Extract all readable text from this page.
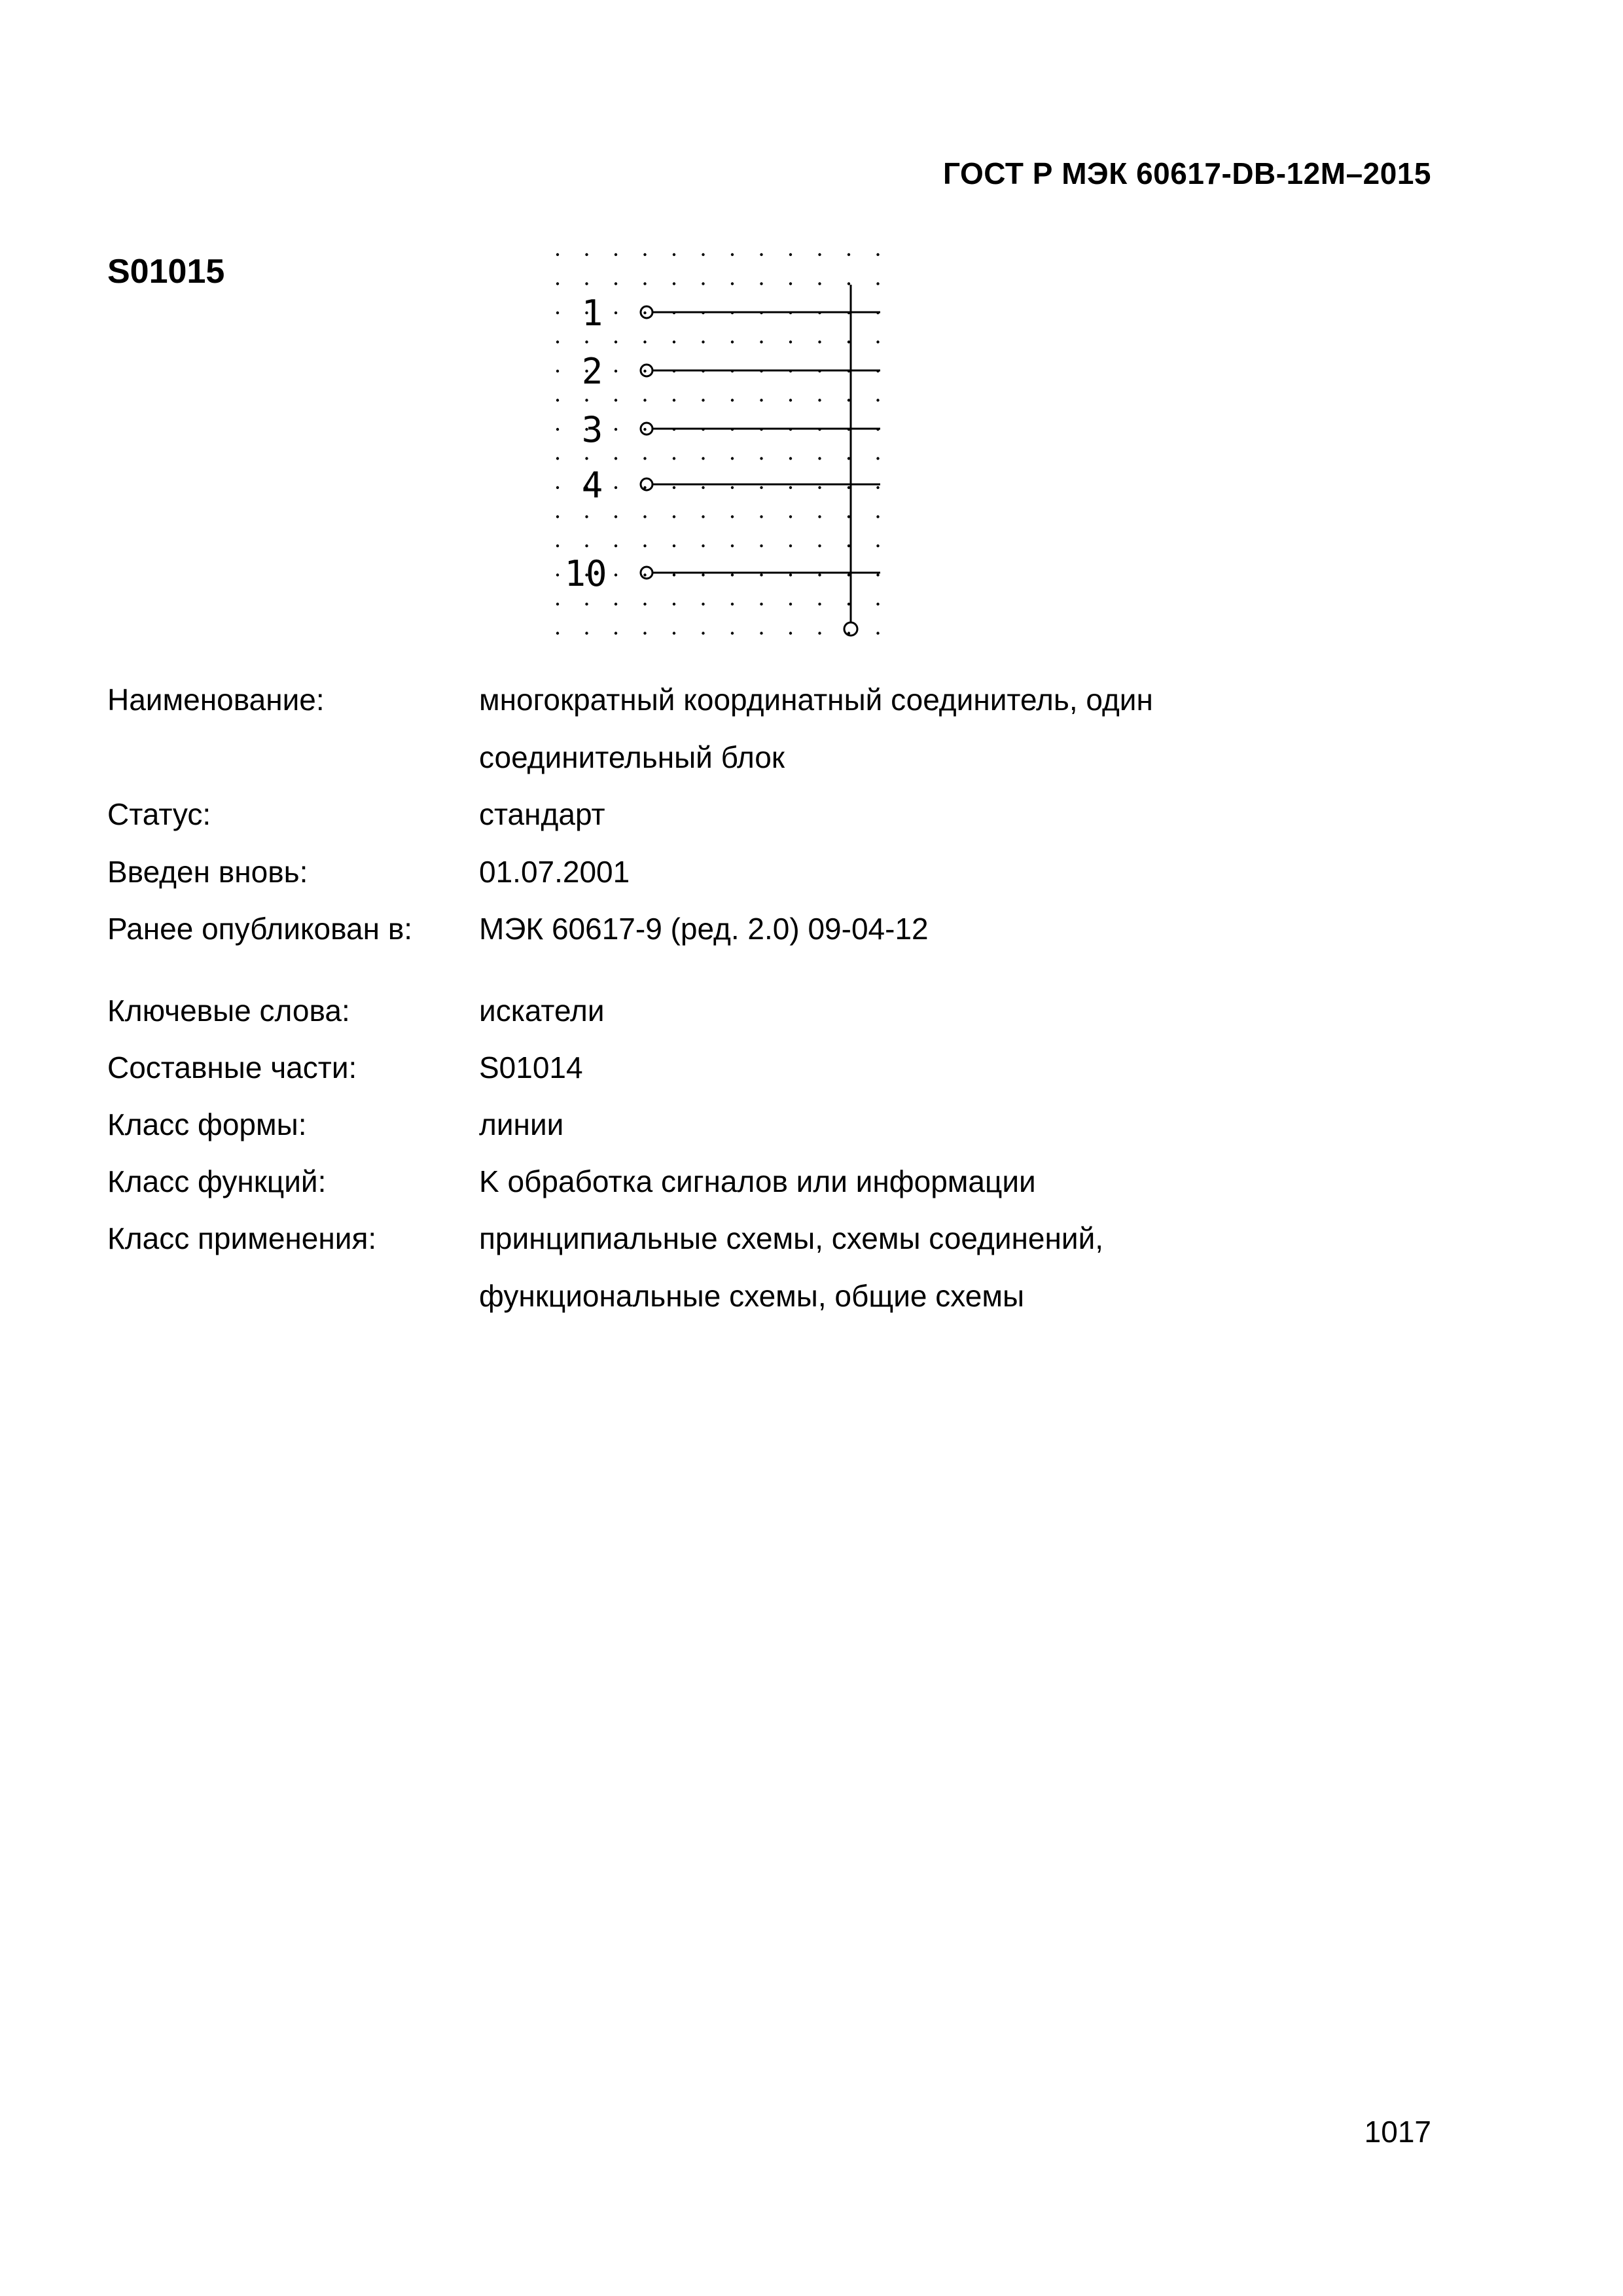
ГОСТ Р МЭК 60617-DB-12M–2015
S01015
1
2
3
4
10
Наименование:	многократный координатный соединитель, один
соединительный блок
Статус:	стандарт
Введен вновь:	01.07.2001
Ранее опубликован в: МЭК 60617-9 (ред. 2.0) 09-04-12
Ключевые слова:	искатели
Составные части:	S01014
Класс формы:	линии
Класс функций:	K обработка сигналов или информации
Класс применения:	принципиальные схемы, схемы соединений,
функциональные схемы, общие схемы
1017
